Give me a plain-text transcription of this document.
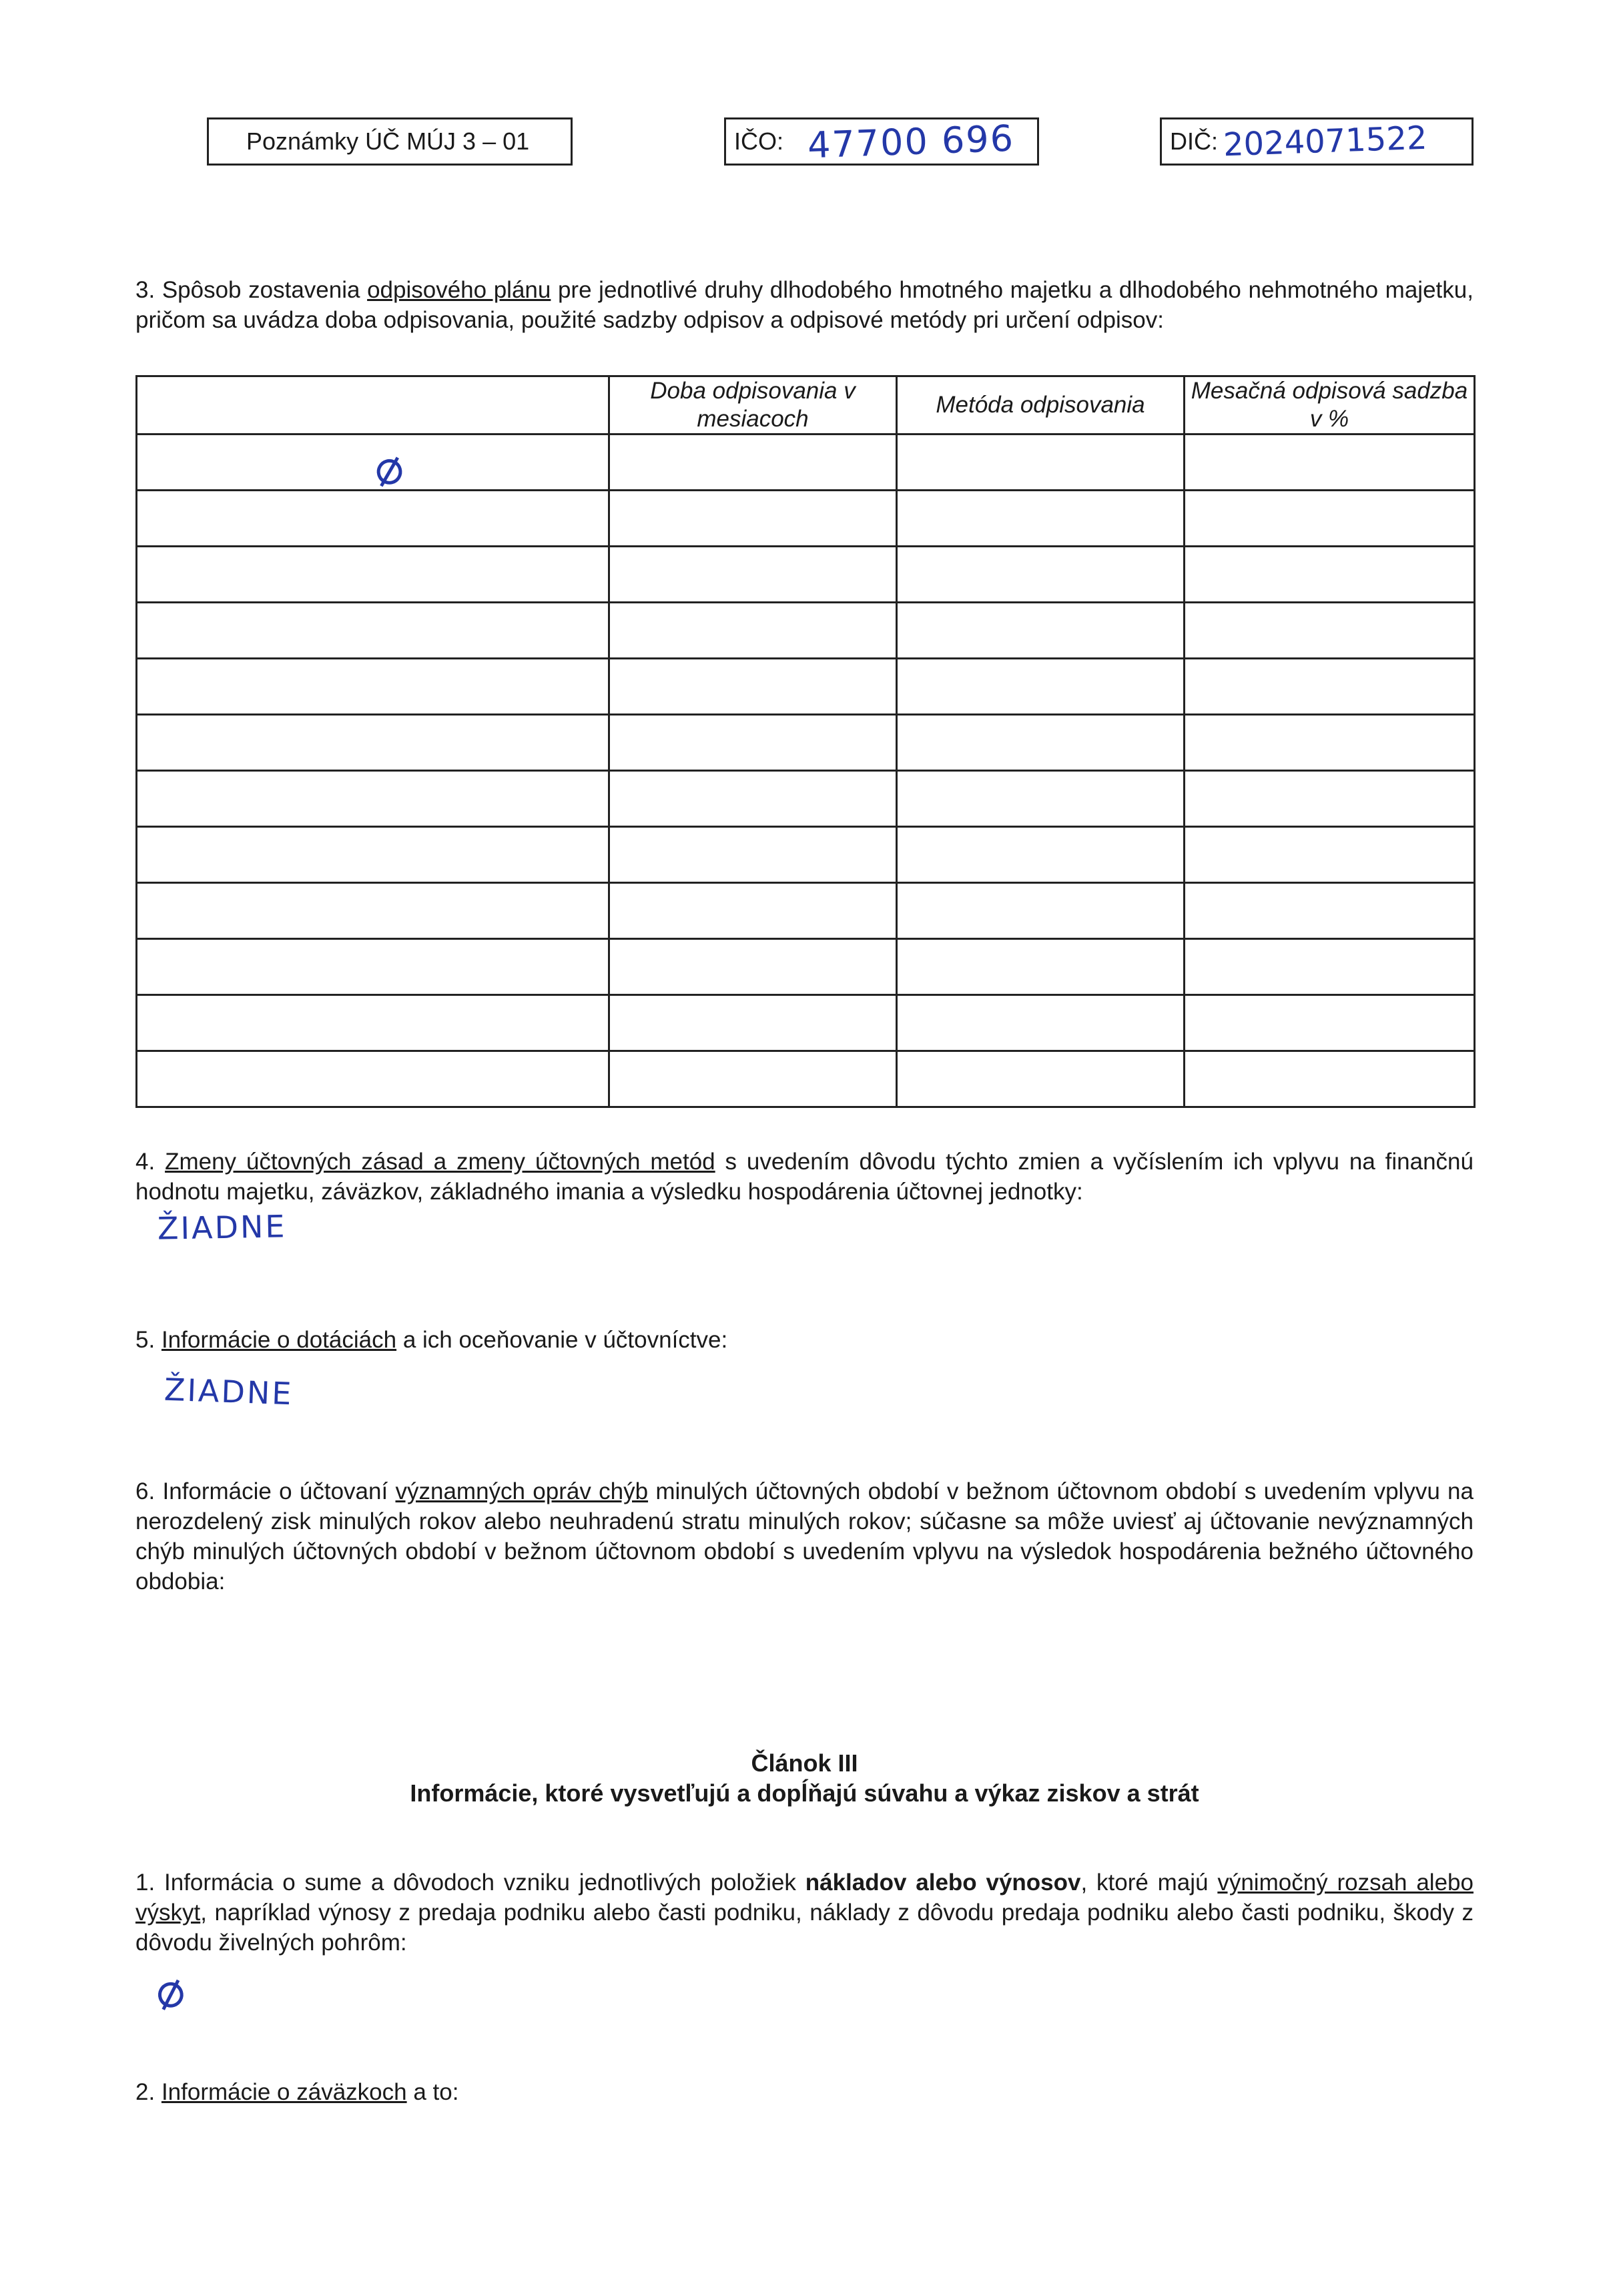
Poznámky ÚČ MÚJ 3 – 01	IČO: 47700 696	DIČ: 2024071522
3. Spôsob zostavenia odpisového plánu pre jednotlivé druhy dlhodobého hmotného majetku a dlhodobého nehmotného majetku, pričom sa uvádza doba odpisovania, použité sadzby odpisov a odpisové metódy pri určení odpisov:
	Doba odpisovania v mesiacoch	Metóda odpisovania	Mesačná odpisová sadzba v %

⌀
4. Zmeny účtovných zásad a zmeny účtovných metód s uvedením dôvodu týchto zmien a vyčíslením ich vplyvu na finančnú hodnotu majetku, záväzkov, základného imania a výsledku hospodárenia účtovnej jednotky:
ŽIADNE
5. Informácie o dotáciách a ich oceňovanie v účtovníctve:
ŽIADNE
6. Informácie o účtovaní významných opráv chýb minulých účtovných období v bežnom účtovnom období s uvedením vplyvu na nerozdelený zisk minulých rokov alebo neuhradenú stratu minulých rokov; súčasne sa môže uviesť aj účtovanie nevýznamných chýb minulých účtovných období v bežnom účtovnom období s uvedením vplyvu na výsledok hospodárenia bežného účtovného obdobia:
Článok III
Informácie, ktoré vysvetľujú a dopĺňajú súvahu a výkaz ziskov a strát
1. Informácia o sume a dôvodoch vzniku jednotlivých položiek nákladov alebo výnosov, ktoré majú výnimočný rozsah alebo výskyt, napríklad výnosy z predaja podniku alebo časti podniku, náklady z dôvodu predaja podniku alebo časti podniku, škody z dôvodu živelných pohrôm:
⌀
2. Informácie o záväzkoch a to:
